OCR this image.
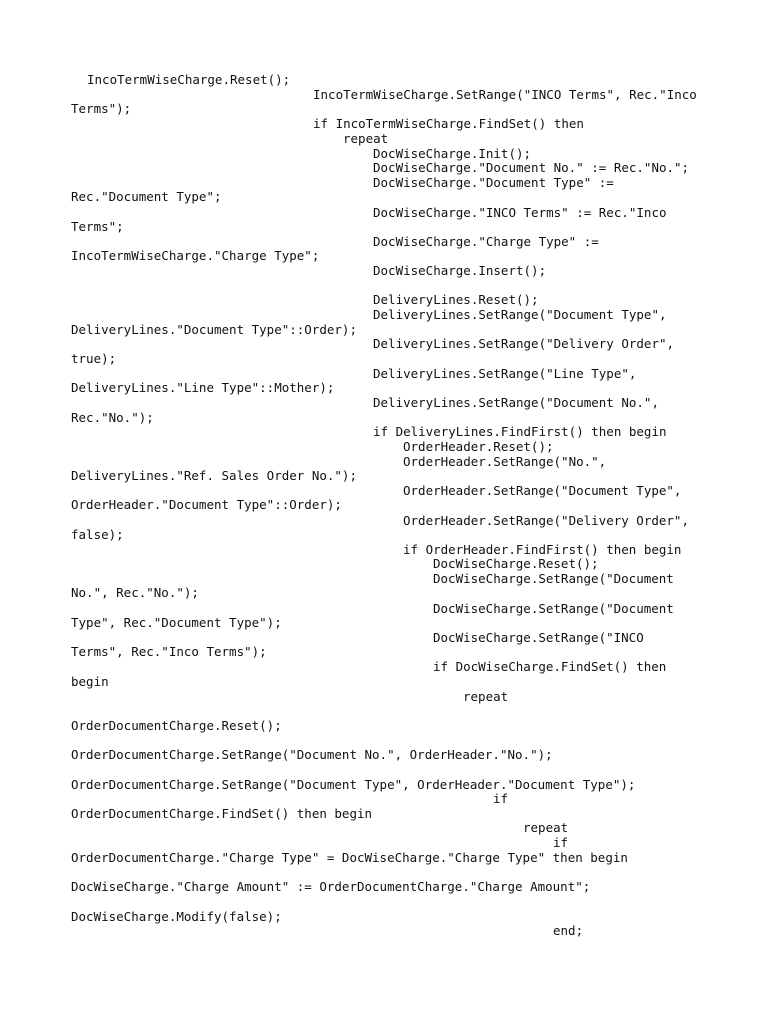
IncoTermWiseCharge.Reset();

IncoTermWiseCharge.SetRange("INCO Terms", Rec."Inco

Terms");

if IncoTermWiseCharge.FindSet() then

repeat

DocWiseCharge.Init();

DocWiseCharge."Document No." := Rec."No.";

DocWiseCharge."Document Type" :=

Rec."Document Type";

DocWiseCharge."INCO Terms" := Rec."Inco

Terms";

DocWiseCharge."Charge Type" :=

IncoTermWiseCharge."Charge Type";

DocWiseCharge.Insert();

DeliveryLines.Reset();

DeliveryLines.SetRange("Document Type",

DeliveryLines."Document Type"::Order);

DeliveryLines.SetRange("Delivery Order",

true);

DeliveryLines.SetRange("Line Type",

DeliveryLines."Line Type"::Mother);

DeliveryLines.SetRange("Document No.",

Rec."No.");

if DeliveryLines.FindFirst() then begin

OrderHeader.Reset();

OrderHeader.SetRange("No.",

DeliveryLines."Ref. Sales Order No.");

OrderHeader.SetRange("Document Type",

OrderHeader."Document Type"::Order);

OrderHeader.SetRange("Delivery Order",

false);

if OrderHeader.FindFirst() then begin

DocWiseCharge.Reset();

DocWiseCharge.SetRange("Document

No.", Rec."No.");

DocWiseCharge.SetRange("Document

Type", Rec."Document Type");

DocWiseCharge.SetRange("INCO

Terms", Rec."Inco Terms");

if DocWiseCharge.FindSet() then

begin

repeat

OrderDocumentCharge.Reset();

OrderDocumentCharge.SetRange("Document No.", OrderHeader."No.");

OrderDocumentCharge.SetRange("Document Type", OrderHeader."Document Type");

if

OrderDocumentCharge.FindSet() then begin

repeat

if

OrderDocumentCharge."Charge Type" = DocWiseCharge."Charge Type" then begin

DocWiseCharge."Charge Amount" := OrderDocumentCharge."Charge Amount";

DocWiseCharge.Modify(false);

end;
